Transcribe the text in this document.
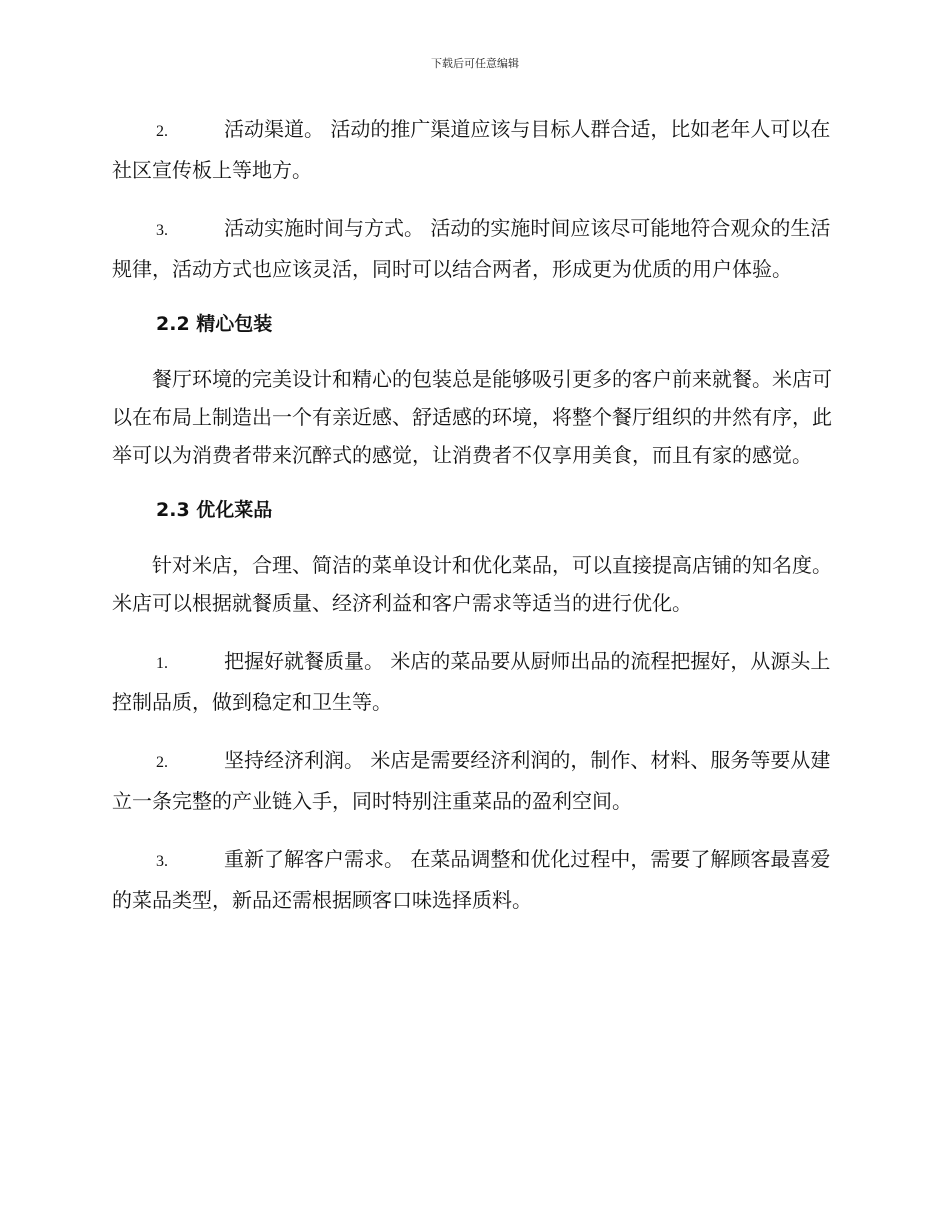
下载后可任意编辑

2.	活动渠道。 活动的推广渠道应该与目标人群合适，比如老年人可以在社区宣传板上等地方。

3.	活动实施时间与方式。 活动的实施时间应该尽可能地符合观众的生活规律，活动方式也应该灵活，同时可以结合两者，形成更为优质的用户体验。

2.2 精心包装

餐厅环境的完美设计和精心的包装总是能够吸引更多的客户前来就餐。米店可以在布局上制造出一个有亲近感、舒适感的环境，将整个餐厅组织的井然有序，此举可以为消费者带来沉醉式的感觉，让消费者不仅享用美食，而且有家的感觉。

2.3 优化菜品

针对米店，合理、简洁的菜单设计和优化菜品，可以直接提高店铺的知名度。米店可以根据就餐质量、经济利益和客户需求等适当的进行优化。

1.	把握好就餐质量。 米店的菜品要从厨师出品的流程把握好，从源头上控制品质，做到稳定和卫生等。

2.	坚持经济利润。 米店是需要经济利润的，制作、材料、服务等要从建立一条完整的产业链入手，同时特别注重菜品的盈利空间。

3.	重新了解客户需求。 在菜品调整和优化过程中，需要了解顾客最喜爱的菜品类型，新品还需根据顾客口味选择质料。
